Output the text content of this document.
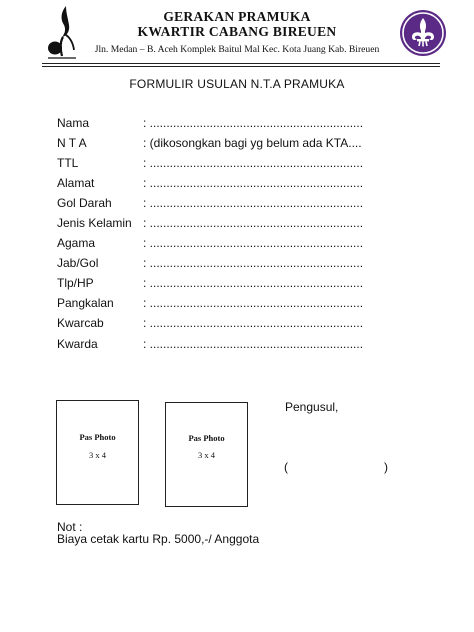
GERAKAN PRAMUKA
KWARTIR CABANG BIREUEN
Jln. Medan – B. Aceh Komplek Baitul Mal Kec. Kota Juang Kab. Bireuen
FORMULIR USULAN N.T.A PRAMUKA
Nama	: ................................................................
N T A	: (dikosongkan bagi yg belum ada KTA....
TTL	: ................................................................
Alamat	: ................................................................
Gol Darah	: ................................................................
Jenis Kelamin : ................................................................
Agama	: ................................................................
Jab/Gol	: ................................................................
Tlp/HP	: ................................................................
Pangkalan : ................................................................
Kwarcab	: ................................................................
Kwarda	: ................................................................
Pas Photo
3 x 4
Pas Photo
3 x 4
Pengusul,
(	)
Not :
Biaya cetak kartu Rp. 5000,-/ Anggota
